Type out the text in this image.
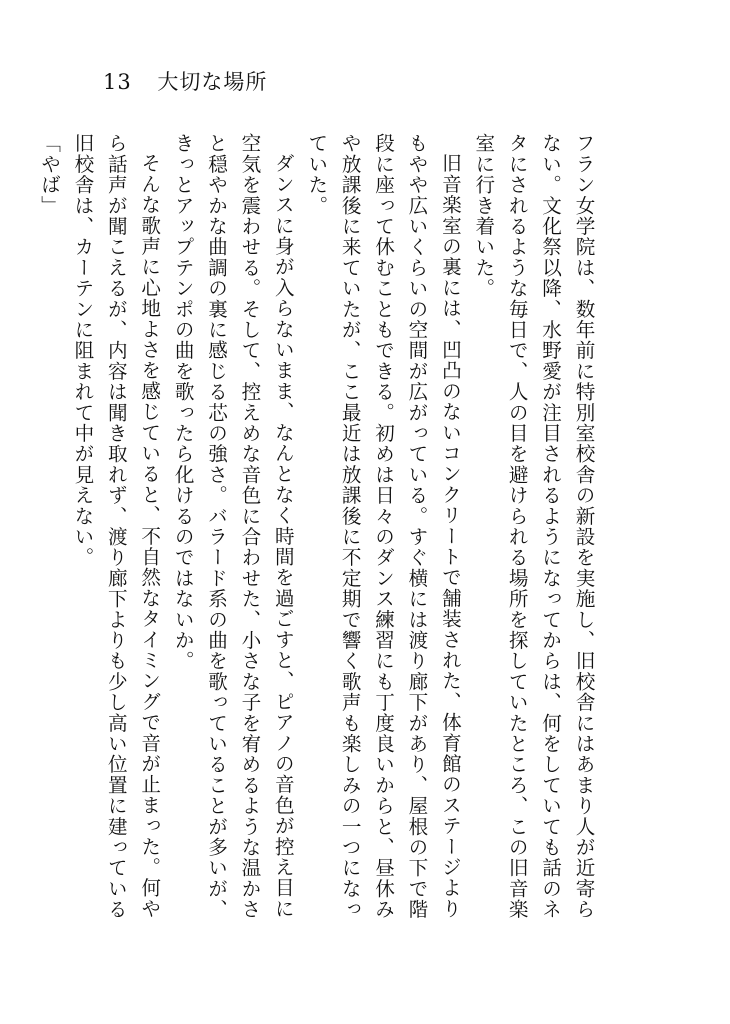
13 大切な場所

フラン女学院は、数年前に特別室校舎の新設を実施し、旧校舎にはあまり人が近寄らない。文化祭以降、水野愛が注目されるようになってからは、何をしていても話のネタにされるような毎日で、人の目を避けられる場所を探していたところ、この旧音楽室に行き着いた。

旧音楽室の裏には、凹凸のないコンクリートで舗装された、体育館のステージよりもやや広いくらいの空間が広がっている。すぐ横には渡り廊下があり、屋根の下で階段に座って休むこともできる。初めは日々のダンス練習にも丁度良いからと、昼休みや放課後に来ていたが、ここ最近は放課後に不定期で響く歌声も楽しみの一つになっていた。

ダンスに身が入らないまま、なんとなく時間を過ごすと、ピアノの音色が控え目に空気を震わせる。そして、控えめな音色に合わせた、小さな子を宥めるような温かさと穏やかな曲調の裏に感じる芯の強さ。バラード系の曲を歌っていることが多いが、きっとアップテンポの曲を歌ったら化けるのではないか。

そんな歌声に心地よさを感じていると、不自然なタイミングで音が止まった。何やら話声が聞こえるが、内容は聞き取れず、渡り廊下よりも少し高い位置に建っている旧校舎は、カーテンに阻まれて中が見えない。

「やば」
